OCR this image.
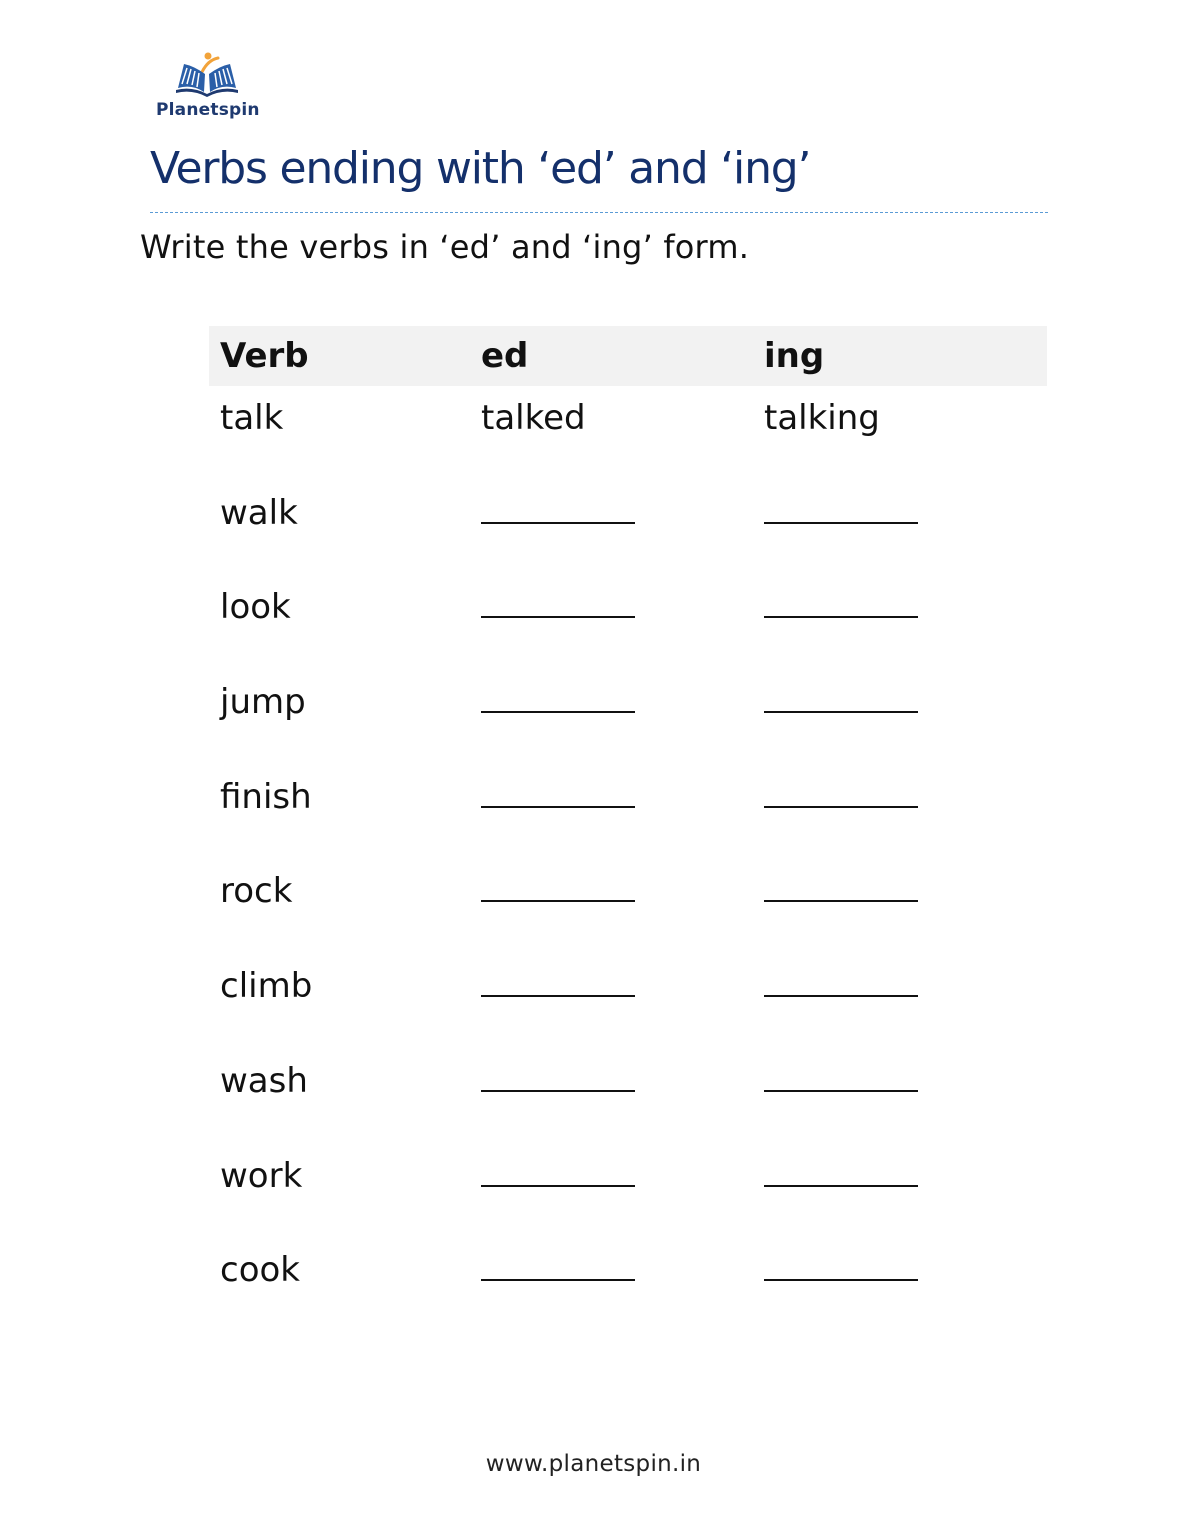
Planetspin
Verbs ending with ‘ed’ and ‘ing’
Write the verbs in ‘ed’ and ‘ing’ form.
Verb	ed	ing
talk	talked	talking
walk
look
jump
finish
rock
climb
wash
work
cook
www.planetspin.in
